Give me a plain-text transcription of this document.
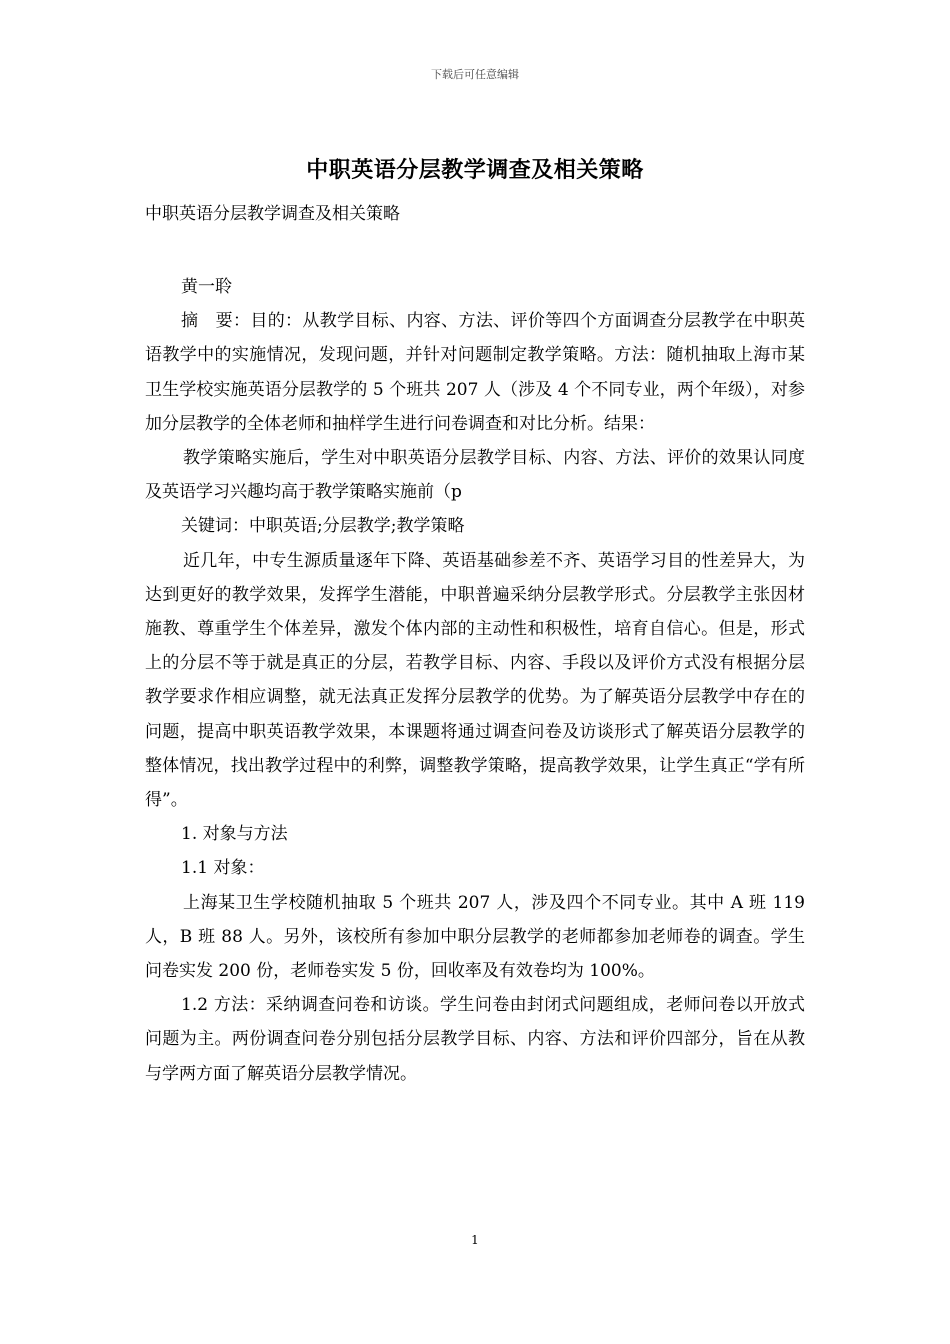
下载后可任意编辑
中职英语分层教学调查及相关策略
中职英语分层教学调查及相关策略

黄一聆

摘　要：目的：从教学目标、内容、方法、评价等四个方面调查分层教学在中职英语教学中的实施情况，发现问题，并针对问题制定教学策略。方法：随机抽取上海市某卫生学校实施英语分层教学的 5 个班共 207 人（涉及 4 个不同专业，两个年级），对参加分层教学的全体老师和抽样学生进行问卷调查和对比分析。结果：

教学策略实施后，学生对中职英语分层教学目标、内容、方法、评价的效果认同度及英语学习兴趣均高于教学策略实施前（p

关键词：中职英语;分层教学;教学策略

近几年，中专生源质量逐年下降、英语基础参差不齐、英语学习目的性差异大，为达到更好的教学效果，发挥学生潜能，中职普遍采纳分层教学形式。分层教学主张因材施教、尊重学生个体差异，激发个体内部的主动性和积极性，培育自信心。但是，形式上的分层不等于就是真正的分层，若教学目标、内容、手段以及评价方式没有根据分层教学要求作相应调整，就无法真正发挥分层教学的优势。为了解英语分层教学中存在的问题，提高中职英语教学效果，本课题将通过调查问卷及访谈形式了解英语分层教学的整体情况，找出教学过程中的利弊，调整教学策略，提高教学效果，让学生真正“学有所得”。

1. 对象与方法

1.1 对象：

上海某卫生学校随机抽取 5 个班共 207 人，涉及四个不同专业。其中 A 班 119 人，B 班 88 人。另外，该校所有参加中职分层教学的老师都参加老师卷的调查。学生问卷实发 200 份，老师卷实发 5 份，回收率及有效卷均为 100%。

1.2 方法：采纳调查问卷和访谈。学生问卷由封闭式问题组成，老师问卷以开放式问题为主。两份调查问卷分别包括分层教学目标、内容、方法和评价四部分，旨在从教与学两方面了解英语分层教学情况。

1
